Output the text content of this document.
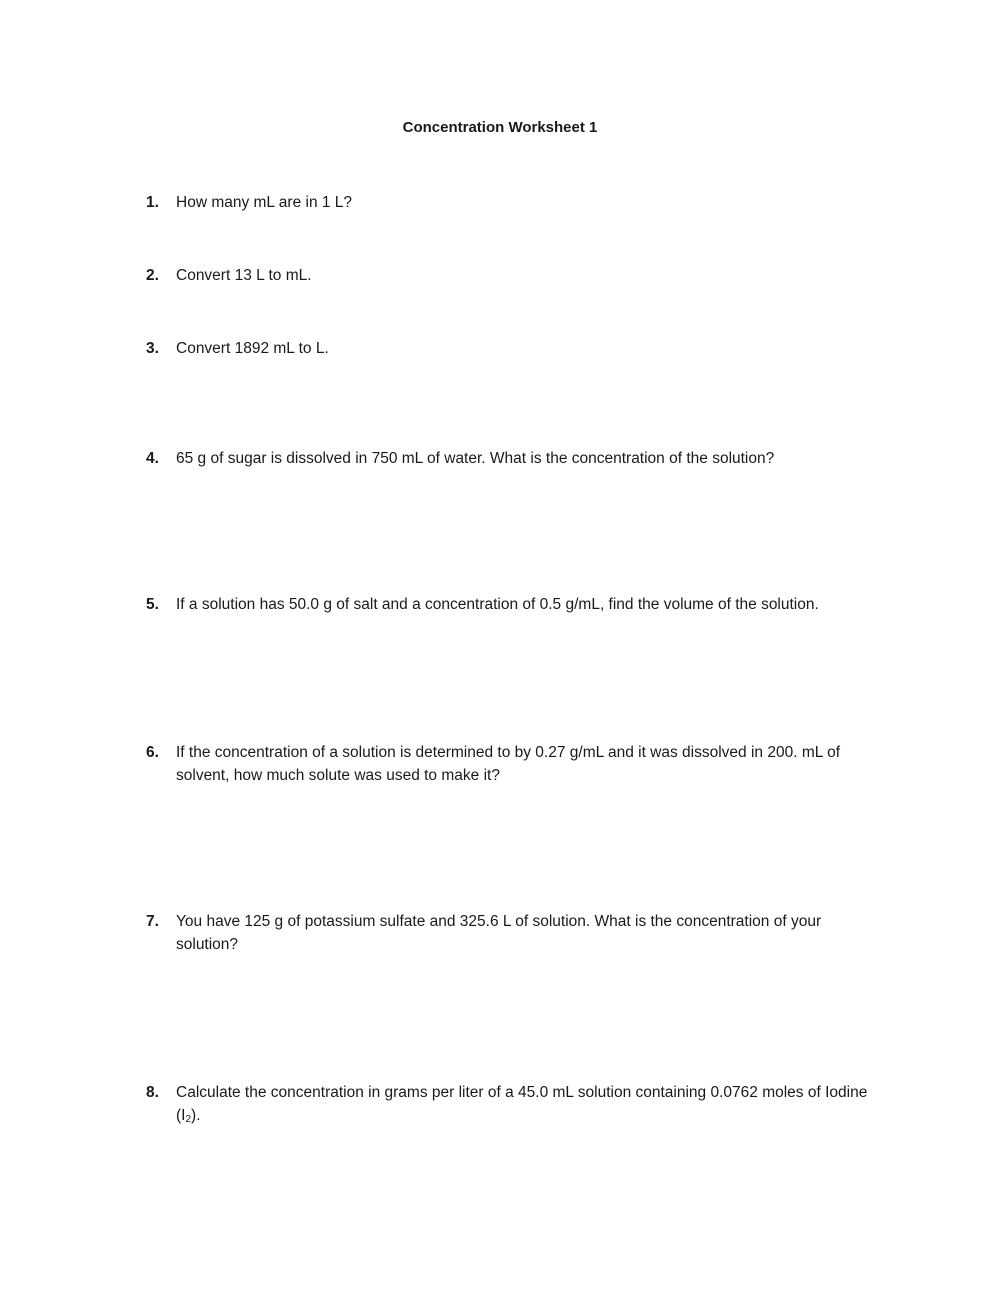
Concentration Worksheet 1
1. How many mL are in 1 L?
2. Convert 13 L to mL.
3. Convert 1892 mL to L.
4. 65 g of sugar is dissolved in 750 mL of water. What is the concentration of the solution?
5. If a solution has 50.0 g of salt and a concentration of 0.5 g/mL, find the volume of the solution.
6. If the concentration of a solution is determined to by 0.27 g/mL and it was dissolved in 200. mL of solvent, how much solute was used to make it?
7. You have 125 g of potassium sulfate and 325.6 L of solution. What is the concentration of your solution?
8. Calculate the concentration in grams per liter of a 45.0 mL solution containing 0.0762 moles of Iodine $(I_2)$.
